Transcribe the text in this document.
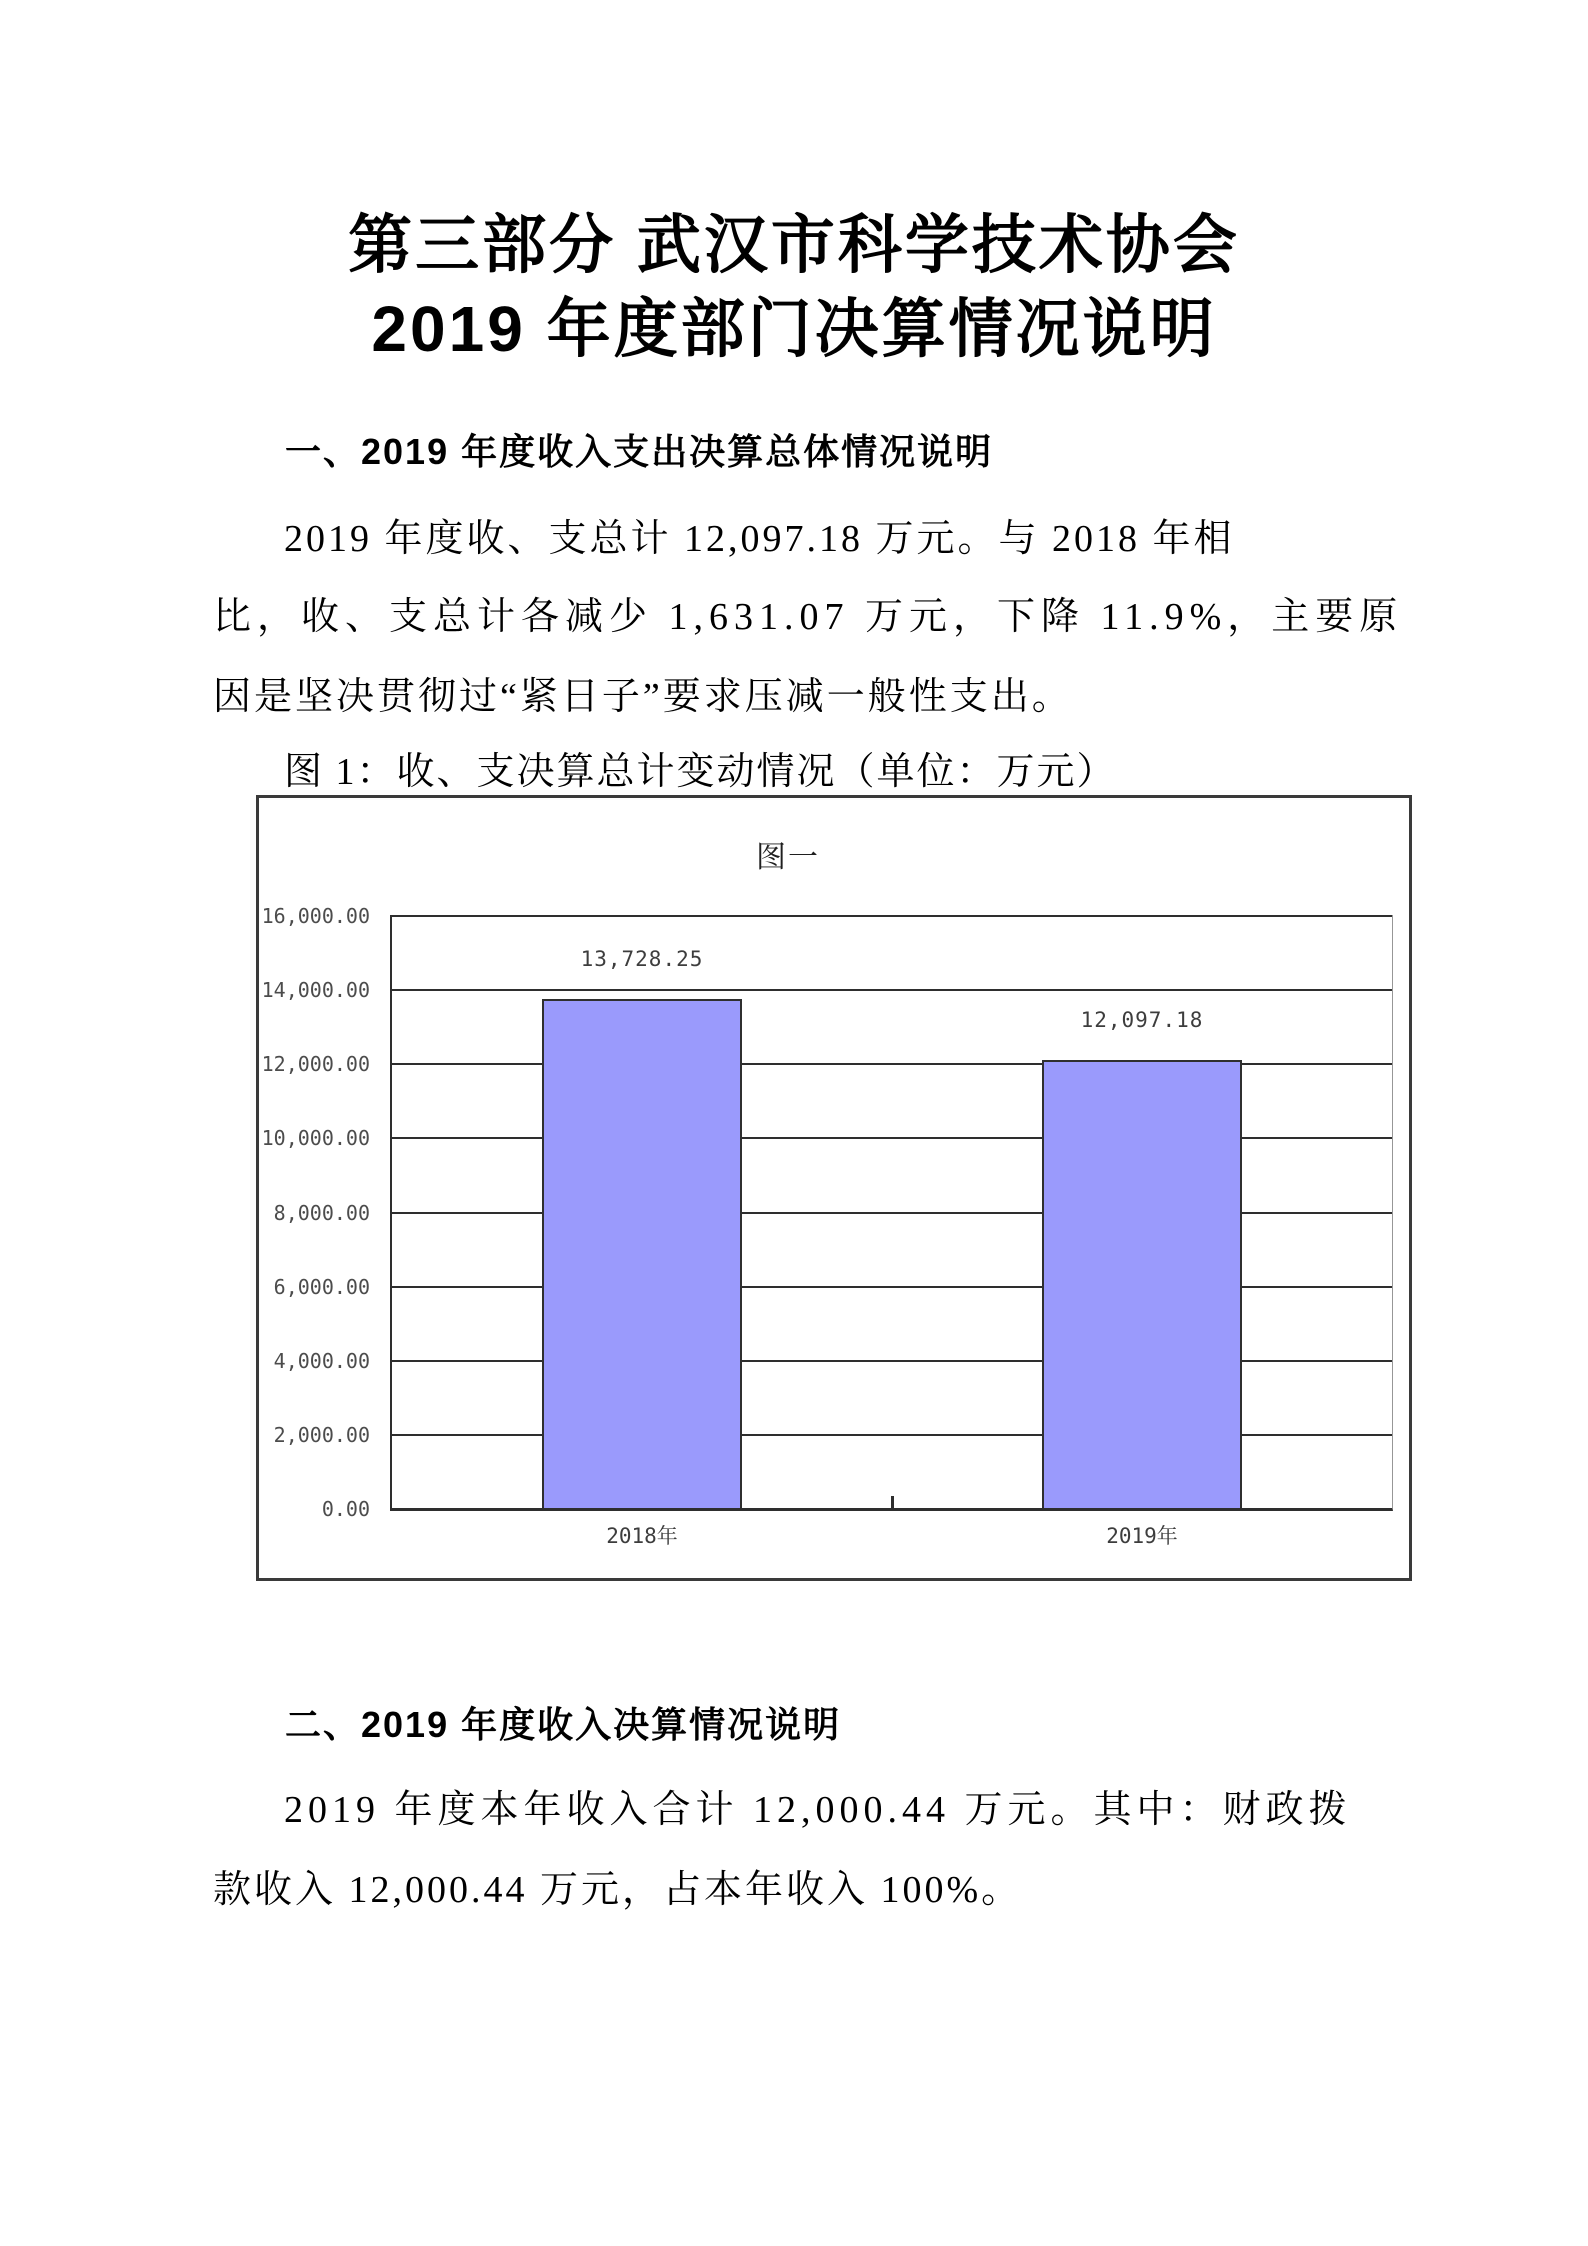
第三部分 武汉市科学技术协会
2019 年度部门决算情况说明
一、2019 年度收入支出决算总体情况说明
2019 年度收、支总计 12,097.18 万元。与 2018 年相
比，收、支总计各减少 1,631.07 万元，下降 11.9%，主要原
因是坚决贯彻过“紧日子”要求压减一般性支出。
图 1：收、支决算总计变动情况（单位：万元）
图一
16,000.00
14,000.00
12,000.00
10,000.00
8,000.00
6,000.00
4,000.00
2,000.00
0.00
13,728.25
2018年
12,097.18
2019年
二、2019 年度收入决算情况说明
2019 年度本年收入合计 12,000.44 万元。其中：财政拨
款收入 12,000.44 万元，占本年收入 100%。
